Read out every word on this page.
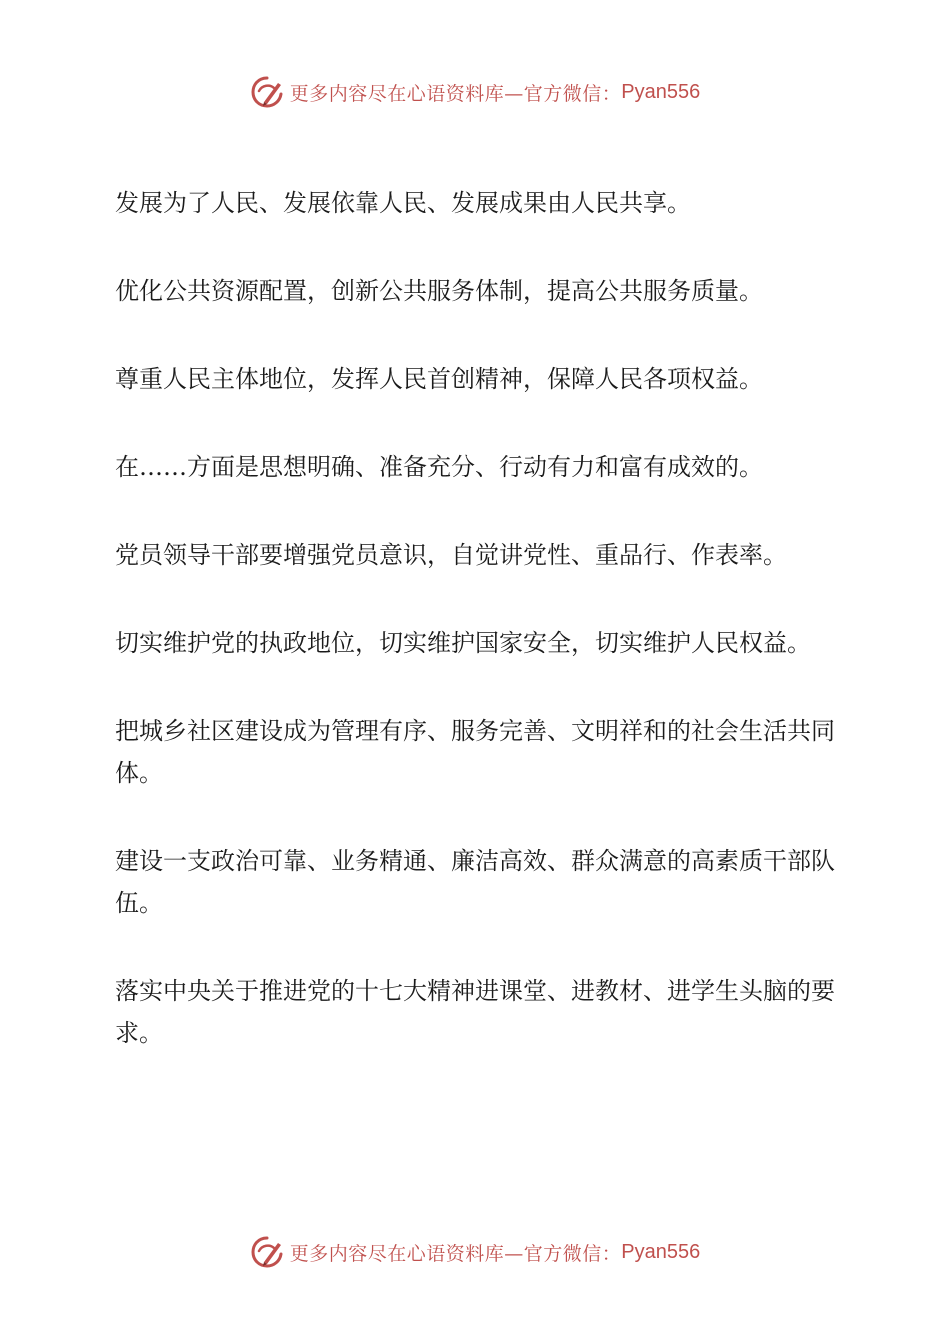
更多内容尽在心语资料库—官方微信： Pyan556

发展为了人民、发展依靠人民、发展成果由人民共享。

优化公共资源配置，创新公共服务体制，提高公共服务质量。

尊重人民主体地位，发挥人民首创精神，保障人民各项权益。

在……方面是思想明确、准备充分、行动有力和富有成效的。

党员领导干部要增强党员意识，自觉讲党性、重品行、作表率。

切实维护党的执政地位，切实维护国家安全，切实维护人民权益。

把城乡社区建设成为管理有序、服务完善、文明祥和的社会生活共同体。

建设一支政治可靠、业务精通、廉洁高效、群众满意的高素质干部队伍。

落实中央关于推进党的十七大精神进课堂、进教材、进学生头脑的要求。

更多内容尽在心语资料库—官方微信： Pyan556
